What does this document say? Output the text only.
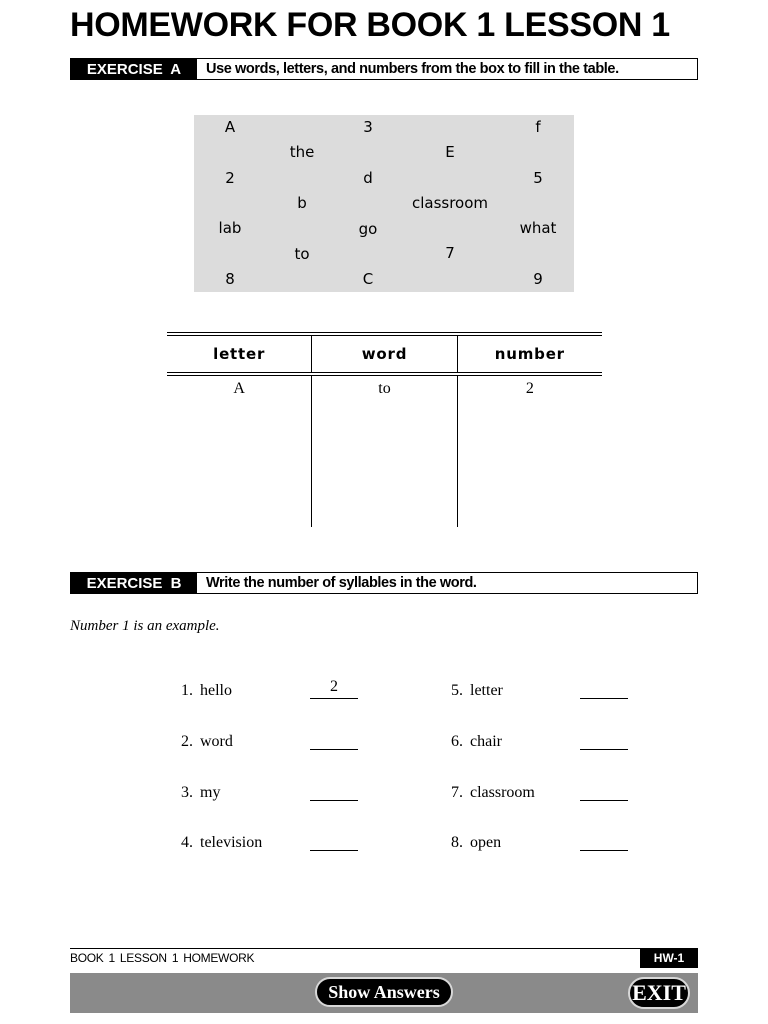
HOMEWORK FOR BOOK 1 LESSON 1
EXERCISE A	Use words, letters, and numbers from the box to fill in the table.
A	3	f
the	E
2	d	5
b	classroom
lab	go	what
to	7
8	C	9
letter	word	number
A	to	2
EXERCISE B	Write the number of syllables in the word.
Number 1 is an example.
1. hello	2
2. word
3. my
4. television
5. letter
6. chair
7. classroom
8. open
BOOK 1 LESSON 1 HOMEWORK	HW-1
Show Answers	EXIT
